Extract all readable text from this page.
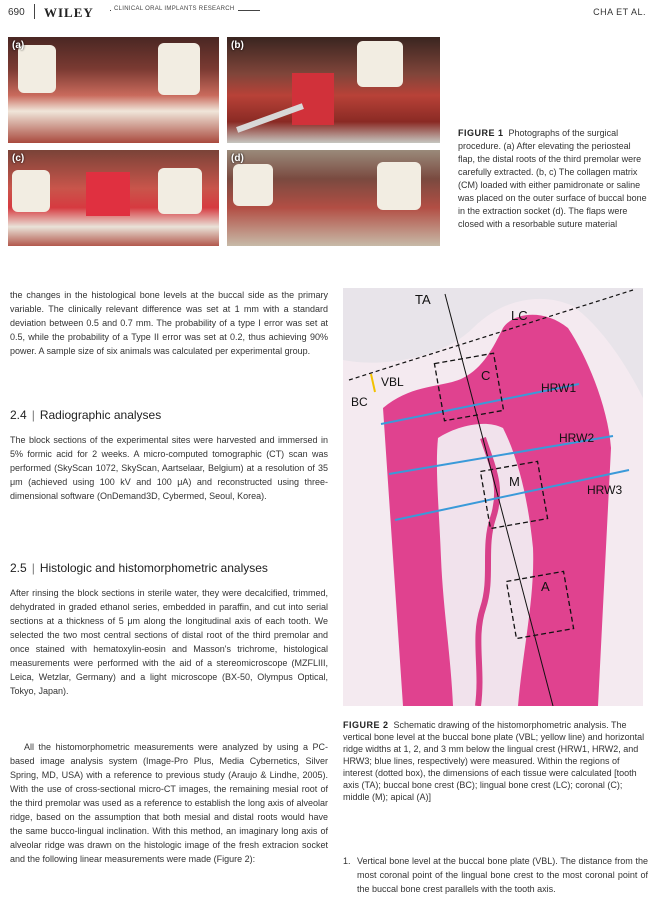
690 WILEY	CLINICAL ORAL IMPLANTS RESEARCH	CHA ET AL.
(a)	(b)
(c)	(d)
FIGURE 1 Photographs of the surgical procedure. (a) After elevating the periosteal flap, the distal roots of the third premolar were carefully extracted. (b, c) The collagen matrix (CM) loaded with either pamidronate or saline was placed on the outer surface of buccal bone in the extraction socket (d). The flaps were closed with a resorbable suture material
the changes in the histological bone levels at the buccal side as the primary variable. The clinically relevant difference was set at 1 mm with a standard deviation between 0.5 and 0.7 mm. The probability of a type I error was set at 0.5, while the probability of a Type II error was set at 0.2, thus achieving 90% power. A sample size of six animals was calculated per experimental group.
2.4 | Radiographic analyses
The block sections of the experimental sites were harvested and immersed in 5% formic acid for 2 weeks. A micro-computed tomographic (CT) scan was performed (SkyScan 1072, SkyScan, Aartselaar, Belgium) at a resolution of 35 μm (achieved using 100 kV and 100 μA) and reconstructed using three-dimensional software (OnDemand3D, Cybermed, Seoul, Korea).
2.5 | Histologic and histomorphometric analyses
After rinsing the block sections in sterile water, they were decalcified, trimmed, dehydrated in graded ethanol series, embedded in paraffin, and cut into serial sections at a thickness of 5 μm along the longitudinal axis of each tooth. We selected the two most central sections of distal root of the third premolar and once stained with hematoxylin-eosin and Masson's trichrome, histological measurements were performed with the aid of a stereomicroscope (MZFLIII, Leica, Wetzlar, Germany) and a light microscope (BX-50, Olympus Optical, Tokyo, Japan).
All the histomorphometric measurements were analyzed by using a PC-based image analysis system (Image-Pro Plus, Media Cybernetics, Silver Spring, MD, USA) with a reference to previous study (Araujo & Lindhe, 2005). With the use of cross-sectional micro-CT images, the remaining mesial root of the third premolar was used as a reference to establish the long axis of alveolar ridge, based on the assumption that both mesial and distal roots would have the same bucco-lingual inclination. With this method, an imaginary long axis of alveolar ridge was drawn on the histologic image of the fresh extracion socket and the following linear measurements were made (Figure 2):
TA
LC
VBL
BC
C
M
A
HRW1
HRW2
HRW3
FIGURE 2 Schematic drawing of the histomorphometric analysis. The vertical bone level at the buccal bone plate (VBL; yellow line) and horizontal ridge widths at 1, 2, and 3 mm below the lingual crest (HRW1, HRW2, and HRW3; blue lines, respectively) were measured. Within the regions of interest (dotted box), the dimensions of each tissue were calculated [tooth axis (TA); buccal bone crest (BC); lingual bone crest (LC); coronal (C); middle (M); apical (A)]
1. Vertical bone level at the buccal bone plate (VBL). The distance from the most coronal point of the lingual bone crest to the most coronal point of the buccal bone crest parallels with the tooth axis.
